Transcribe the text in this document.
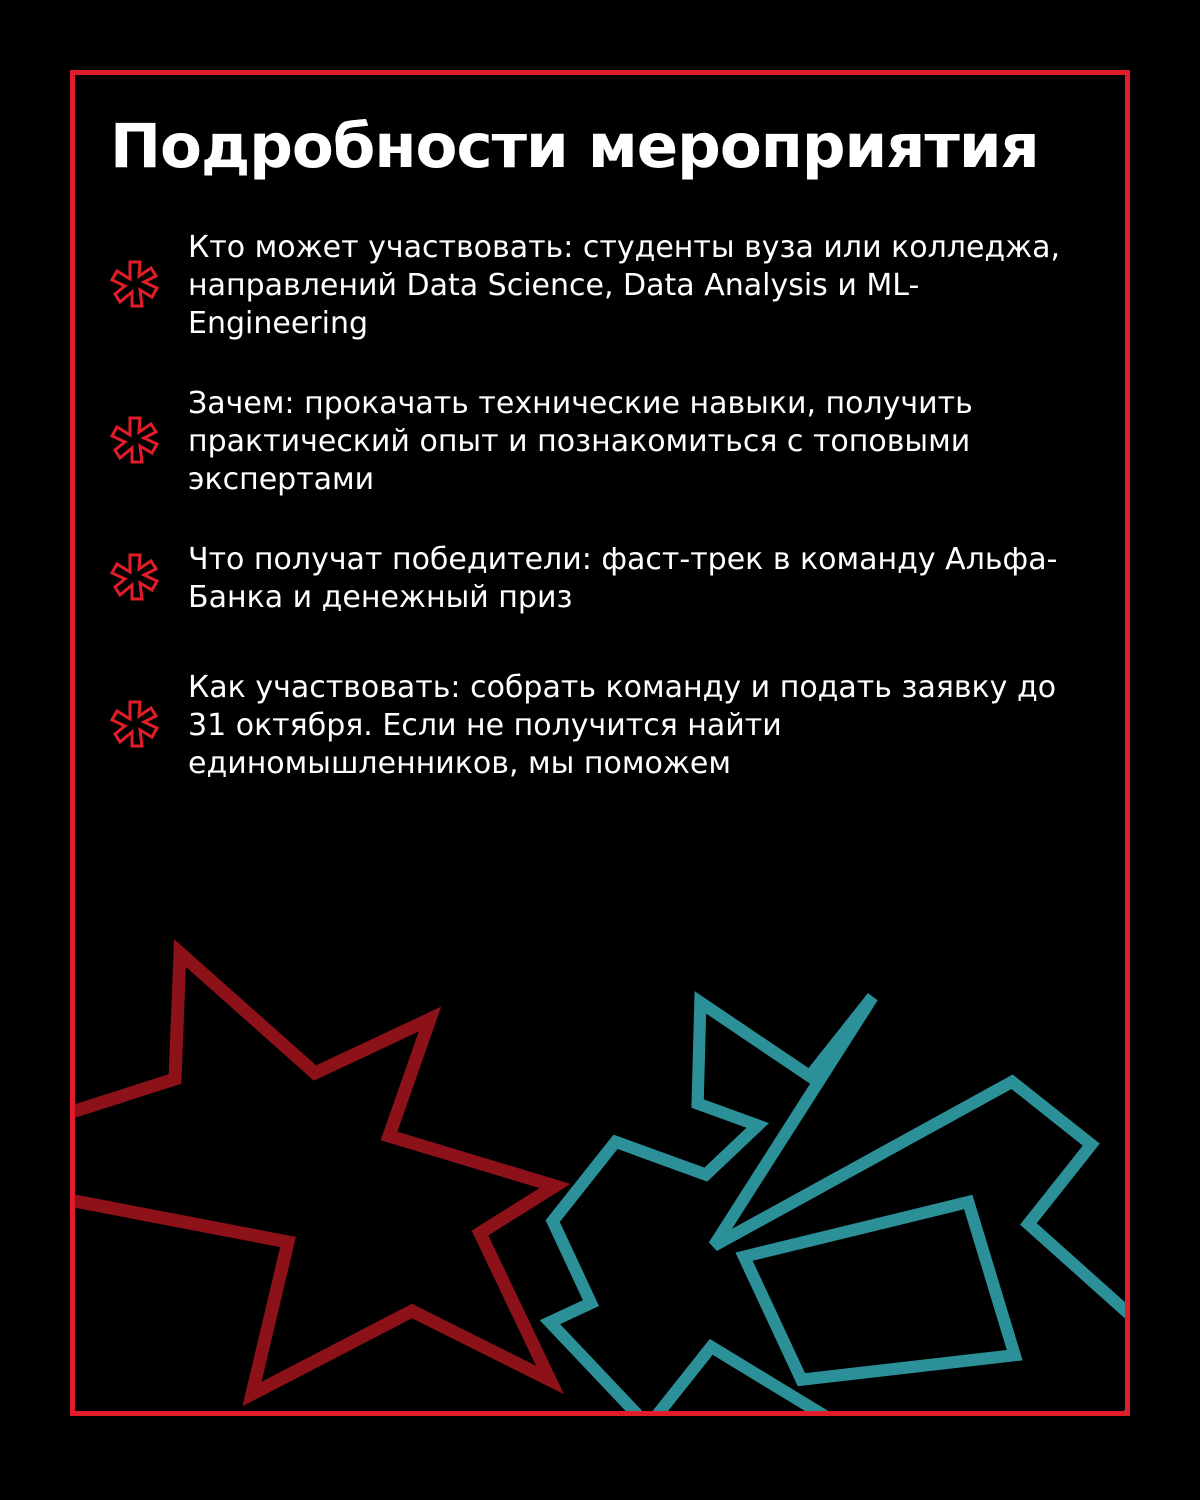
Подробности мероприятия
Кто может участвовать: студенты вуза или колледжа, направлений Data Science, Data Analysis и ML-Engineering
Зачем: прокачать технические навыки, получить практический опыт и познакомиться с топовыми экспертами
Что получат победители: фаст-трек в команду Альфа-Банка и денежный приз
Как участвовать: собрать команду и подать заявку до 31 октября. Если не получится найти единомышленников, мы поможем
